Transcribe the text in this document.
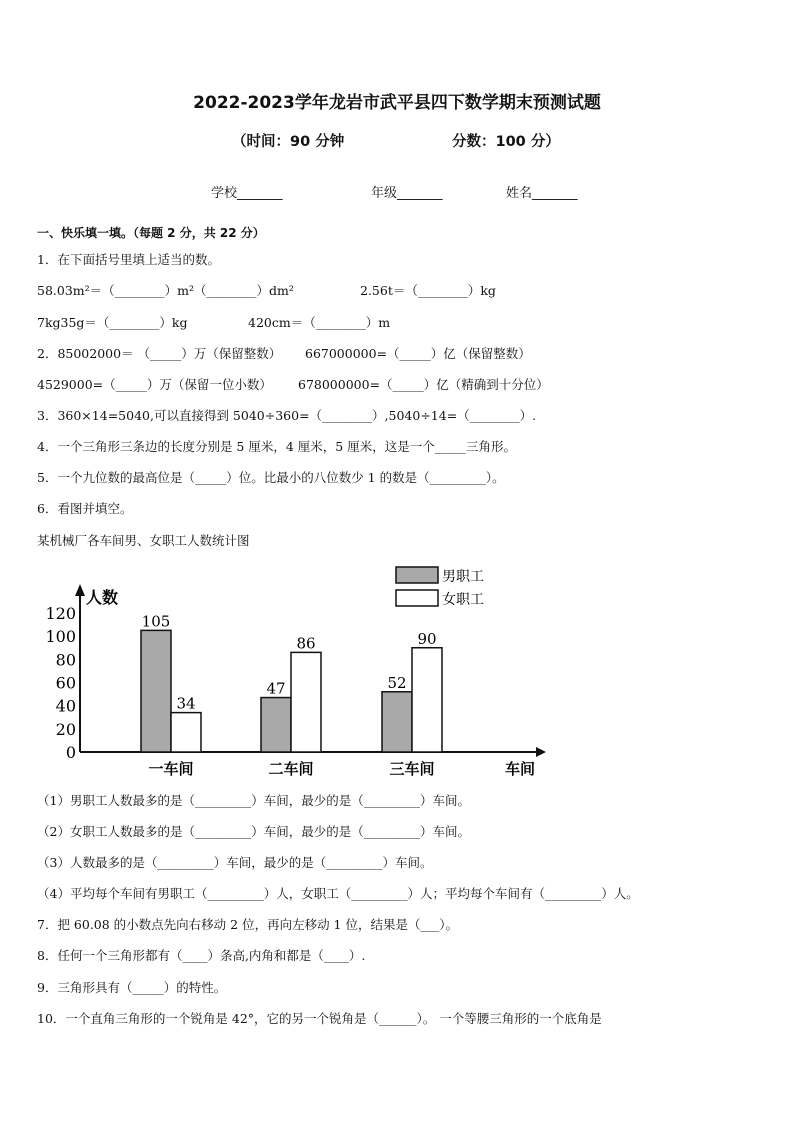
2022-2023学年龙岩市武平县四下数学期末预测试题
（时间：90 分钟	分数：100 分）
学校_______	年级_______	姓名_______
一、快乐填一填。（每题 2 分，共 22 分）
1．在下面括号里填上适当的数。
58.03m²＝（________）m²（________）dm²	2.56t＝（________）kg
7kg35g＝（________）kg	420cm＝（________）m
2．85002000＝ （_____）万（保留整数） 667000000=（_____）亿（保留整数）
4529000=（_____）万（保留一位小数） 678000000=（_____）亿（精确到十分位）
3．360×14=5040,可以直接得到 5040÷360=（________）,5040÷14=（________）.
4．一个三角形三条边的长度分别是 5 厘米，4 厘米，5 厘米，这是一个_____三角形。
5．一个九位数的最高位是（_____）位。比最小的八位数少 1 的数是（_________）。
6．看图并填空。
某机械厂各车间男、女职工人数统计图
人数
0
20
40
60
80
100
120	105
34
一车间
47
86
二车间
52
90
三车间	车间
男职工
女职工
（1）男职工人数最多的是（_________）车间，最少的是（_________）车间。
（2）女职工人数最多的是（_________）车间，最少的是（_________）车间。
（3）人数最多的是（_________）车间，最少的是（_________）车间。
（4）平均每个车间有男职工（_________）人，女职工（_________）人；平均每个车间有（_________）人。
7．把 60.08 的小数点先向右移动 2 位，再向左移动 1 位，结果是（___）。
8．任何一个三角形都有（____）条高,内角和都是（____）.
9．三角形具有（_____）的特性。
10．一个直角三角形的一个锐角是 42°，它的另一个锐角是（______）。 一个等腰三角形的一个底角是
